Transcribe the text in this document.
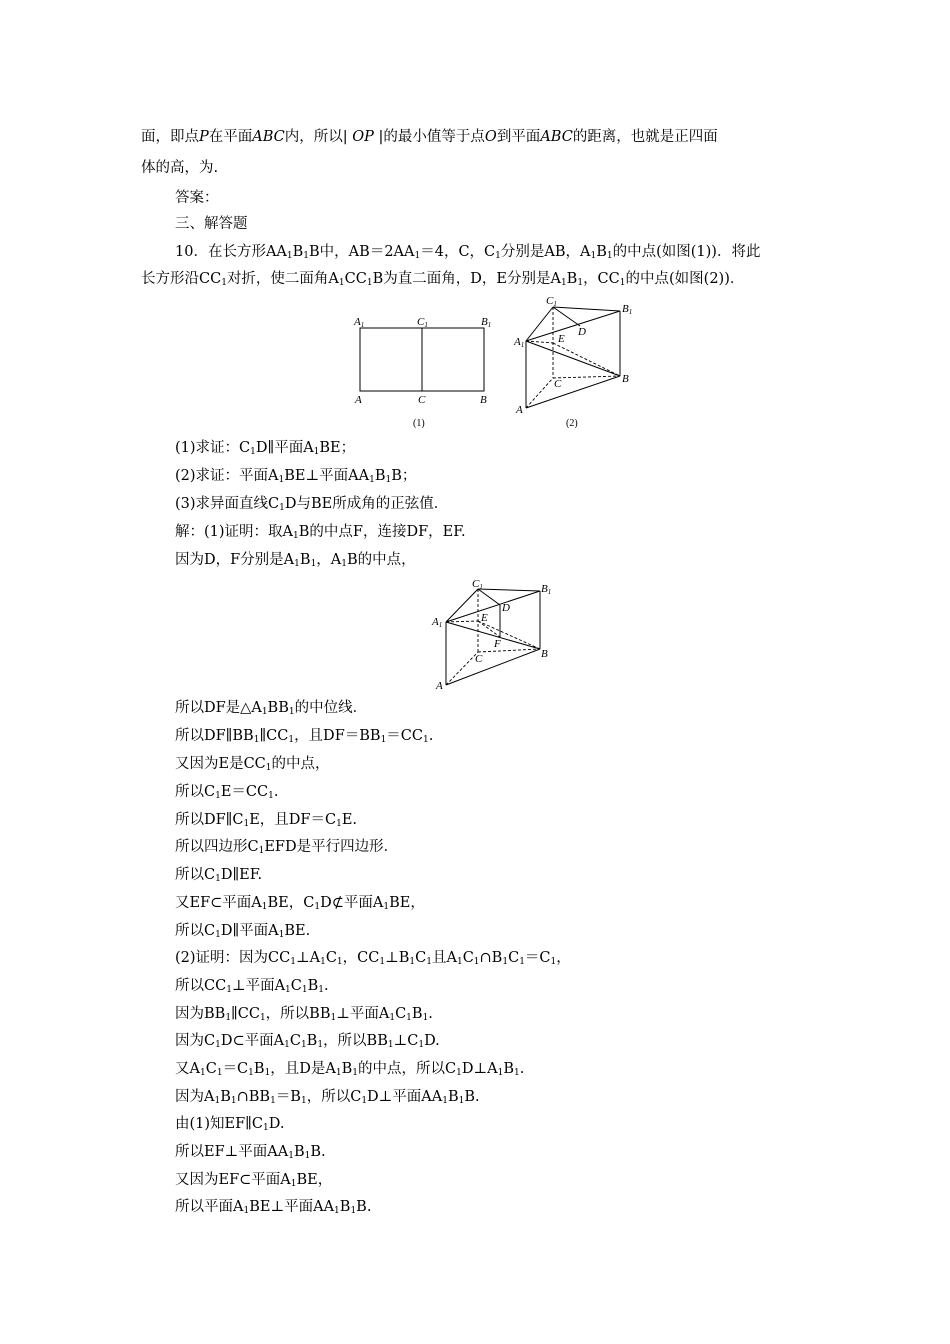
面，即点P在平面ABC内，所以| OP |的最小值等于点O到平面ABC的距离，也就是正四面
体的高，为.
答案：
三、解答题
10．在长方形$AA_1B_1B$中，$AB=2AA_1=4$，C，$C_1$分别是AB，$A_1B_1$的中点(如图(1))．将此
长方形沿$CC_1$对折，使二面角$A_1CC_1B$为直二面角，D，E分别是$A_1B_1$，$CC_1$的中点(如图(2))．
A1	C1	B1
A	C	B
(1)
C1	B1
A1
D
E
C	B
A
(2)
(1)求证：$C_1D\parallel$平面$A_1BE$；
(2)求证：平面$A_1BE\perp$平面$AA_1B_1B$；
(3)求异面直线$C_1D$与BE所成角的正弦值．
解：(1)证明：取$A_1B$的中点F，连接DF，EF.
因为D，F分别是$A_1B_1$，$A_1B$的中点，
C1	B1
A1
D
E
F
C	B
A
所以DF是$\triangle A_1BB_1$的中位线．
所以$DF\parallel BB_1\parallel CC_1$，且$DF=BB_1=CC_1$.
又因为E是$CC_1$的中点，
所以$C_1E=CC_1$.
所以$DF\parallel C_1E$，且$DF=C_1E$.
所以四边形$C_1EFD$是平行四边形．
所以$C_1D\parallel EF$.
又EF⊂平面$A_1BE$，$C_1D⊄$平面$A_1BE$，
所以$C_1D\parallel$平面$A_1BE$.
(2)证明：因为$CC_1\perp A_1C_1$，$CC_1\perp B_1C_1$且$A_1C_1\cap B_1C_1=C_1$，
所以$CC_1\perp$平面$A_1C_1B_1$.
因为$BB_1\parallel CC_1$，所以$BB_1\perp$平面$A_1C_1B_1$.
因为$C_1D\subset$平面$A_1C_1B_1$，所以$BB_1\perp C_1D$.
又$A_1C_1=C_1B_1$，且D是$A_1B_1$的中点，所以$C_1D\perp A_1B_1$.
因为$A_1B_1\cap BB_1=B_1$，所以$C_1D\perp$平面$AA_1B_1B$.
由(1)知$EF\parallel C_1D$.
所以EF⊥平面$AA_1B_1B$.
又因为EF⊂平面$A_1BE$，
所以平面$A_1BE\perp$平面$AA_1B_1B$.
